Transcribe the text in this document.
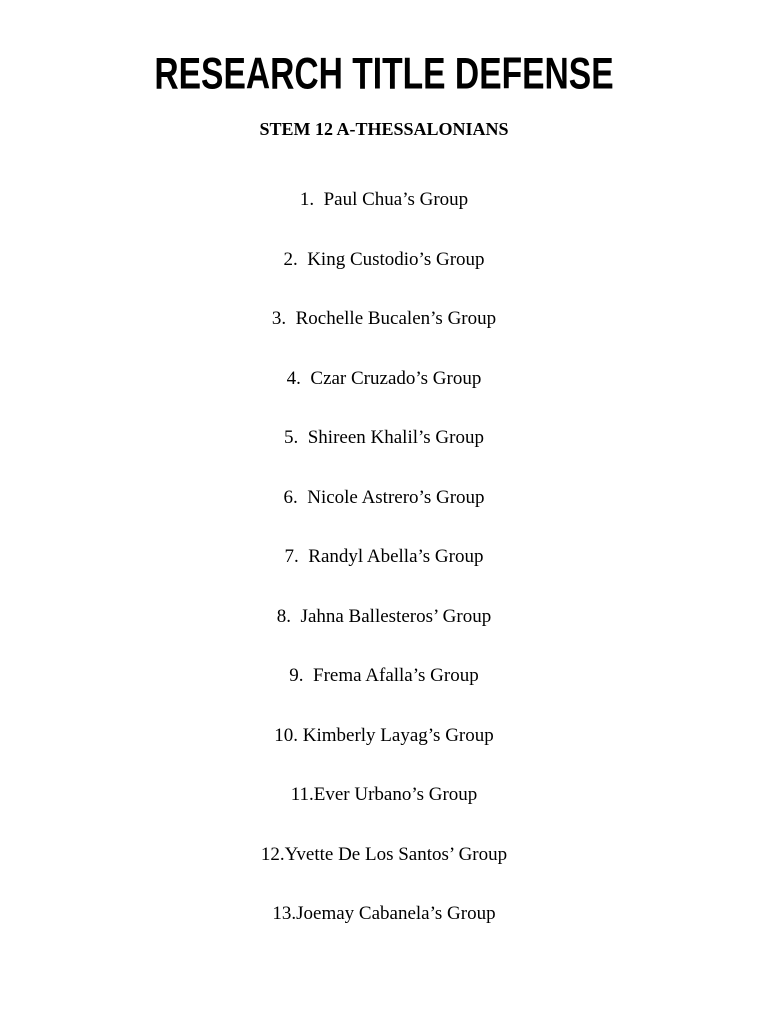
RESEARCH TITLE DEFENSE
STEM 12 A-THESSALONIANS
1.  Paul Chua’s Group
2.  King Custodio’s Group
3.  Rochelle Bucalen’s Group
4.  Czar Cruzado’s Group
5.  Shireen Khalil’s Group
6.  Nicole Astrero’s Group
7.  Randyl Abella’s Group
8.  Jahna Ballesteros’ Group
9.  Frema Afalla’s Group
10. Kimberly Layag’s Group
11.Ever Urbano’s Group
12.Yvette De Los Santos’ Group
13.Joemay Cabanela’s Group
